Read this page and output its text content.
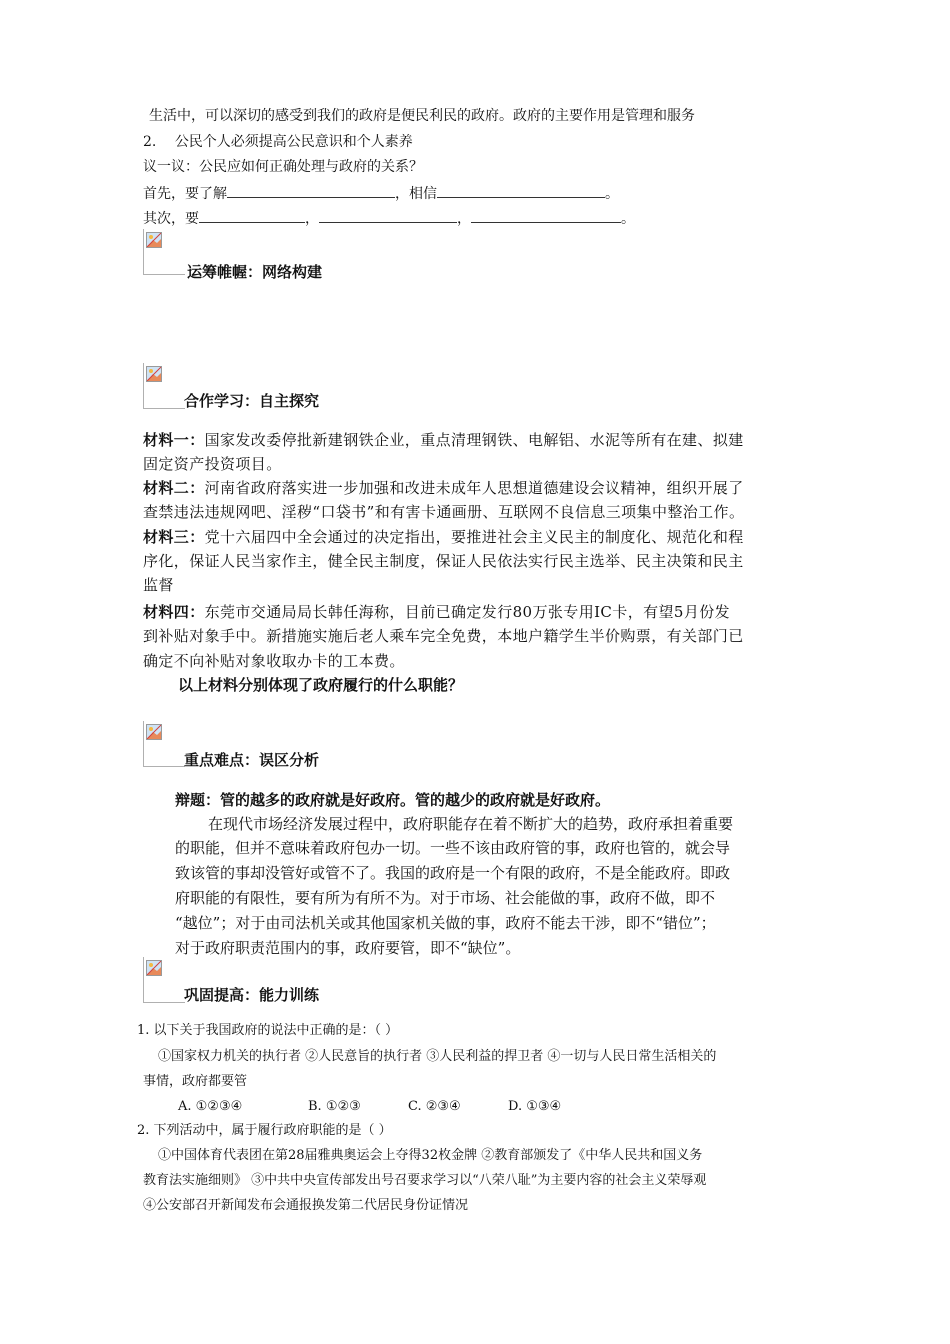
生活中，可以深切的感受到我们的政府是便民利民的政府。政府的主要作用是管理和服务
2. 公民个人必须提高公民意识和个人素养
议一议：公民应如何正确处理与政府的关系？
首先，要了解	，相信	。
其次，要	，	，	。
运筹帷幄：网络构建
合作学习：自主探究
材料一：国家发改委停批新建钢铁企业，重点清理钢铁、电解铝、水泥等所有在建、拟建
固定资产投资项目。
材料二：河南省政府落实进一步加强和改进未成年人思想道德建设会议精神，组织开展了
查禁违法违规网吧、淫秽“口袋书”和有害卡通画册、互联网不良信息三项集中整治工作。
材料三：党十六届四中全会通过的决定指出，要推进社会主义民主的制度化、规范化和程
序化，保证人民当家作主，健全民主制度，保证人民依法实行民主选举、民主决策和民主
监督
材料四：东莞市交通局局长韩任海称，目前已确定发行80万张专用IC卡，有望5月份发
到补贴对象手中。新措施实施后老人乘车完全免费，本地户籍学生半价购票，有关部门已
确定不向补贴对象收取办卡的工本费。
以上材料分别体现了政府履行的什么职能？
重点难点：误区分析
辩题：管的越多的政府就是好政府。管的越少的政府就是好政府。
在现代市场经济发展过程中，政府职能存在着不断扩大的趋势，政府承担着重要
的职能，但并不意味着政府包办一切。一些不该由政府管的事，政府也管的，就会导
致该管的事却没管好或管不了。我国的政府是一个有限的政府，不是全能政府。即政
府职能的有限性，要有所为有所不为。对于市场、社会能做的事，政府不做，即不
“越位”；对于由司法机关或其他国家机关做的事，政府不能去干涉，即不“错位”；
对于政府职责范围内的事，政府要管，即不“缺位”。
巩固提高：能力训练
1. 以下关于我国政府的说法中正确的是：（ ）
①国家权力机关的执行者 ②人民意旨的执行者 ③人民利益的捍卫者 ④一切与人民日常生活相关的
事情，政府都要管
A. ①②③④	B. ①②③	C. ②③④	D. ①③④
2. 下列活动中，属于履行政府职能的是（ ）
①中国体育代表团在第28届雅典奥运会上夺得32枚金牌 ②教育部颁发了《中华人民共和国义务
教育法实施细则》 ③中共中央宣传部发出号召要求学习以“八荣八耻”为主要内容的社会主义荣辱观
④公安部召开新闻发布会通报换发第二代居民身份证情况
